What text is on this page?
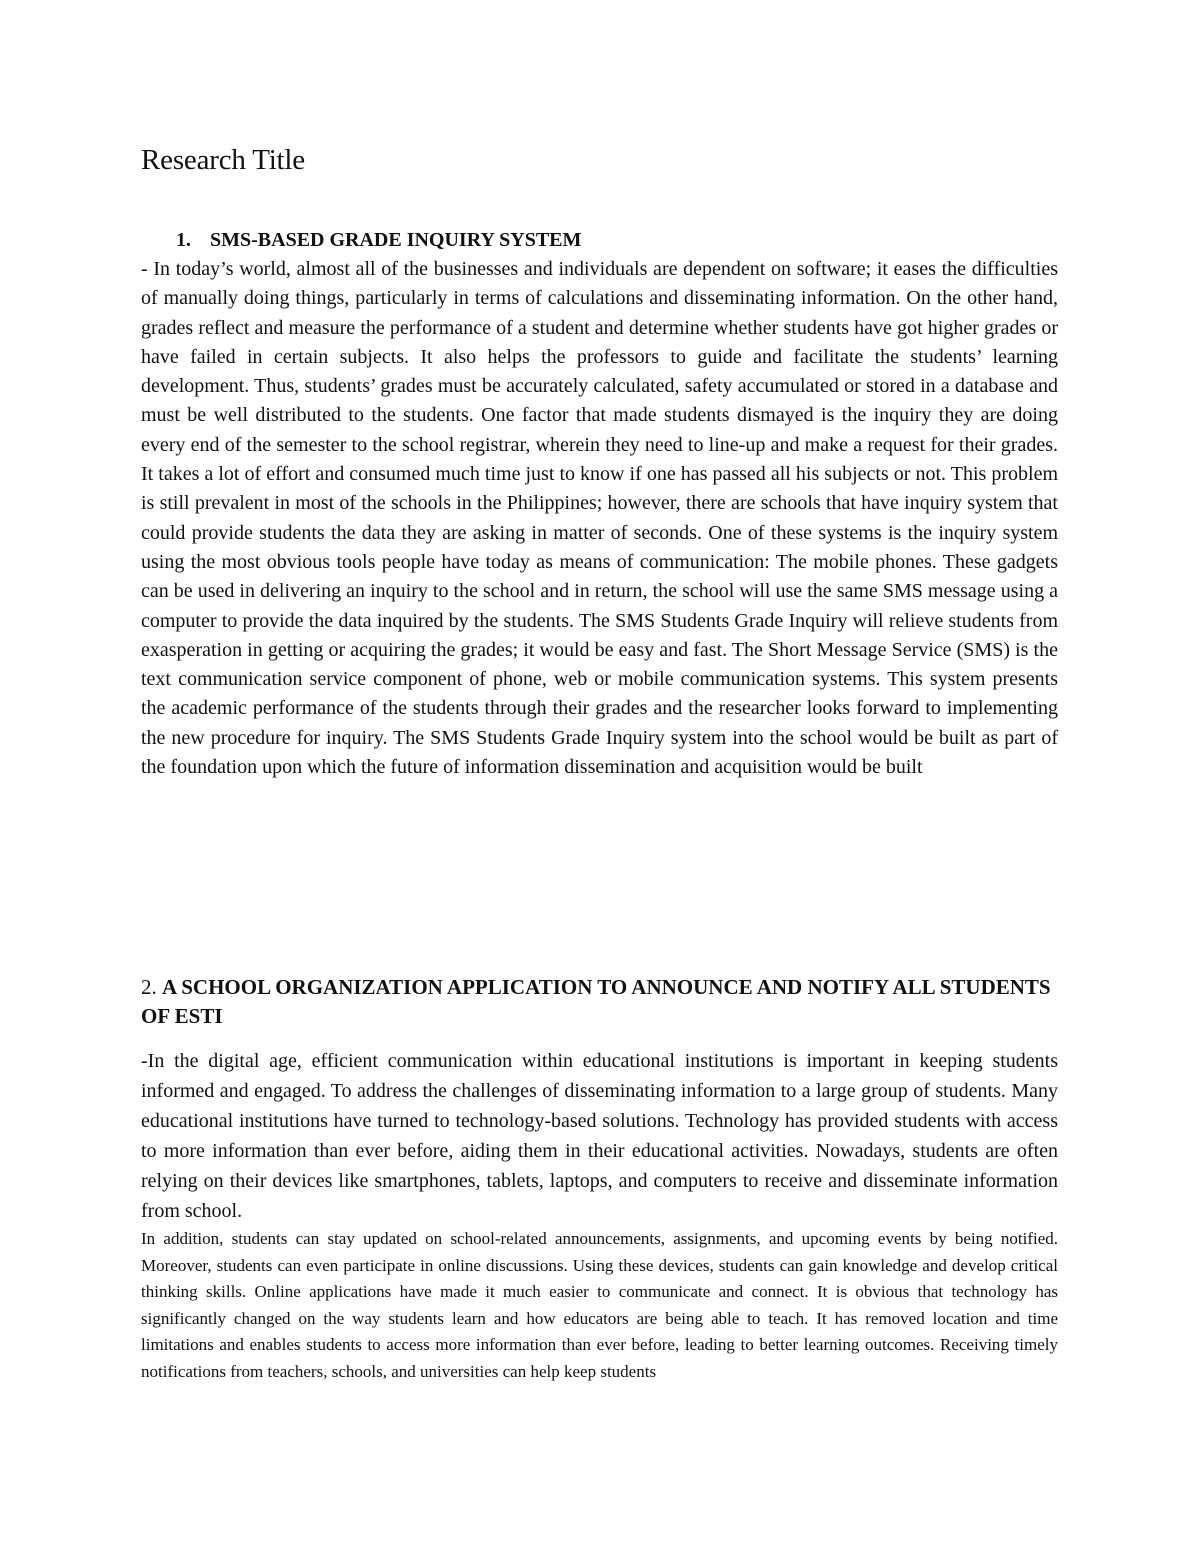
Research Title
1. SMS-BASED GRADE INQUIRY SYSTEM

- In today’s world, almost all of the businesses and individuals are dependent on software; it eases the difficulties of manually doing things, particularly in terms of calculations and disseminating information. On the other hand, grades reflect and measure the performance of a student and determine whether students have got higher grades or have failed in certain subjects. It also helps the professors to guide and facilitate the students’ learning development. Thus, students’ grades must be accurately calculated, safety accumulated or stored in a database and must be well distributed to the students. One factor that made students dismayed is the inquiry they are doing every end of the semester to the school registrar, wherein they need to line-up and make a request for their grades. It takes a lot of effort and consumed much time just to know if one has passed all his subjects or not. This problem is still prevalent in most of the schools in the Philippines; however, there are schools that have inquiry system that could provide students the data they are asking in matter of seconds. One of these systems is the inquiry system using the most obvious tools people have today as means of communication: The mobile phones. These gadgets can be used in delivering an inquiry to the school and in return, the school will use the same SMS message using a computer to provide the data inquired by the students. The SMS Students Grade Inquiry will relieve students from exasperation in getting or acquiring the grades; it would be easy and fast. The Short Message Service (SMS) is the text communication service component of phone, web or mobile communication systems. This system presents the academic performance of the students through their grades and the researcher looks forward to implementing the new procedure for inquiry. The SMS Students Grade Inquiry system into the school would be built as part of the foundation upon which the future of information dissemination and acquisition would be built

2. A SCHOOL ORGANIZATION APPLICATION TO ANNOUNCE AND NOTIFY ALL STUDENTS OF ESTI

-In the digital age, efficient communication within educational institutions is important in keeping students informed and engaged. To address the challenges of disseminating information to a large group of students. Many educational institutions have turned to technology-based solutions. Technology has provided students with access to more information than ever before, aiding them in their educational activities. Nowadays, students are often relying on their devices like smartphones, tablets, laptops, and computers to receive and disseminate information from school.

In addition, students can stay updated on school-related announcements, assignments, and upcoming events by being notified. Moreover, students can even participate in online discussions. Using these devices, students can gain knowledge and develop critical thinking skills. Online applications have made it much easier to communicate and connect. It is obvious that technology has significantly changed on the way students learn and how educators are being able to teach. It has removed location and time limitations and enables students to access more information than ever before, leading to better learning outcomes. Receiving timely notifications from teachers, schools, and universities can help keep students
